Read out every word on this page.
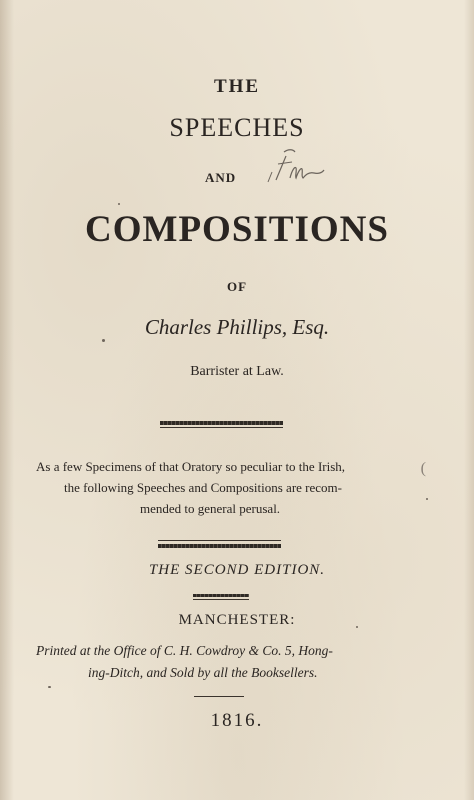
THE
SPEECHES
AND
COMPOSITIONS
OF
Charles Phillips, Esq.
Barrister at Law.
As a few Specimens of that Oratory so peculiar to the Irish,
the following Speeches and Compositions are recom-
mended to general perusal.
(
THE SECOND EDITION.
MANCHESTER:
Printed at the Office of C. H. Cowdroy & Co. 5, Hong-
ing-Ditch, and Sold by all the Booksellers.
1816.
